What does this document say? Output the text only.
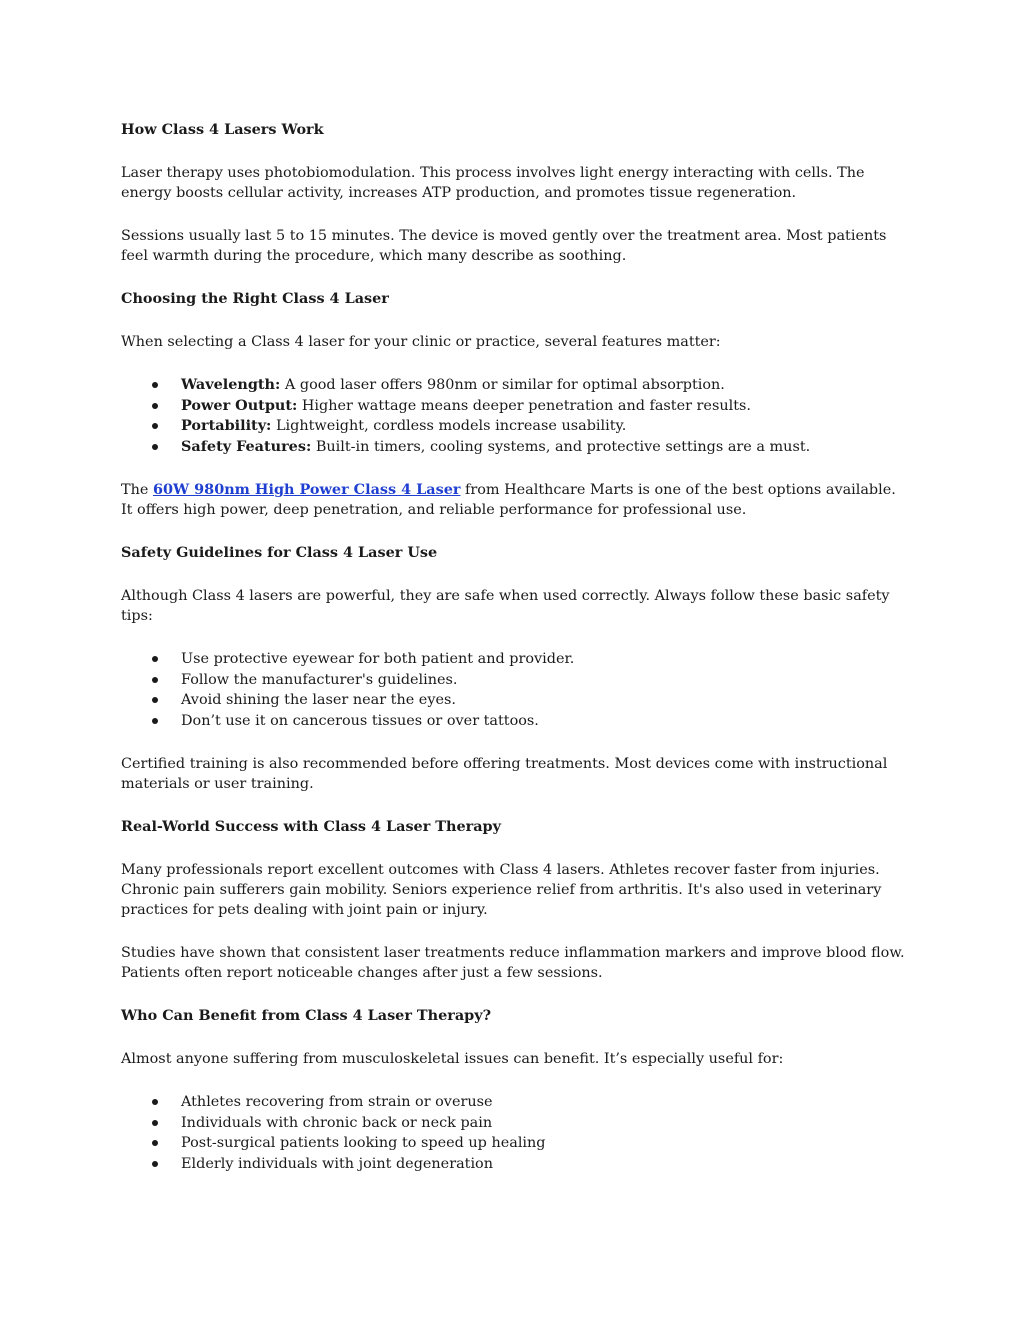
How Class 4 Lasers Work
Laser therapy uses photobiomodulation. This process involves light energy interacting with cells. The energy boosts cellular activity, increases ATP production, and promotes tissue regeneration.
Sessions usually last 5 to 15 minutes. The device is moved gently over the treatment area. Most patients feel warmth during the procedure, which many describe as soothing.
Choosing the Right Class 4 Laser
When selecting a Class 4 laser for your clinic or practice, several features matter:
Wavelength: A good laser offers 980nm or similar for optimal absorption.
Power Output: Higher wattage means deeper penetration and faster results.
Portability: Lightweight, cordless models increase usability.
Safety Features: Built-in timers, cooling systems, and protective settings are a must.
The 60W 980nm High Power Class 4 Laser from Healthcare Marts is one of the best options available. It offers high power, deep penetration, and reliable performance for professional use.
Safety Guidelines for Class 4 Laser Use
Although Class 4 lasers are powerful, they are safe when used correctly. Always follow these basic safety tips:
Use protective eyewear for both patient and provider.
Follow the manufacturer's guidelines.
Avoid shining the laser near the eyes.
Don’t use it on cancerous tissues or over tattoos.
Certified training is also recommended before offering treatments. Most devices come with instructional materials or user training.
Real-World Success with Class 4 Laser Therapy
Many professionals report excellent outcomes with Class 4 lasers. Athletes recover faster from injuries. Chronic pain sufferers gain mobility. Seniors experience relief from arthritis. It's also used in veterinary practices for pets dealing with joint pain or injury.
Studies have shown that consistent laser treatments reduce inflammation markers and improve blood flow. Patients often report noticeable changes after just a few sessions.
Who Can Benefit from Class 4 Laser Therapy?
Almost anyone suffering from musculoskeletal issues can benefit. It’s especially useful for:
Athletes recovering from strain or overuse
Individuals with chronic back or neck pain
Post-surgical patients looking to speed up healing
Elderly individuals with joint degeneration
